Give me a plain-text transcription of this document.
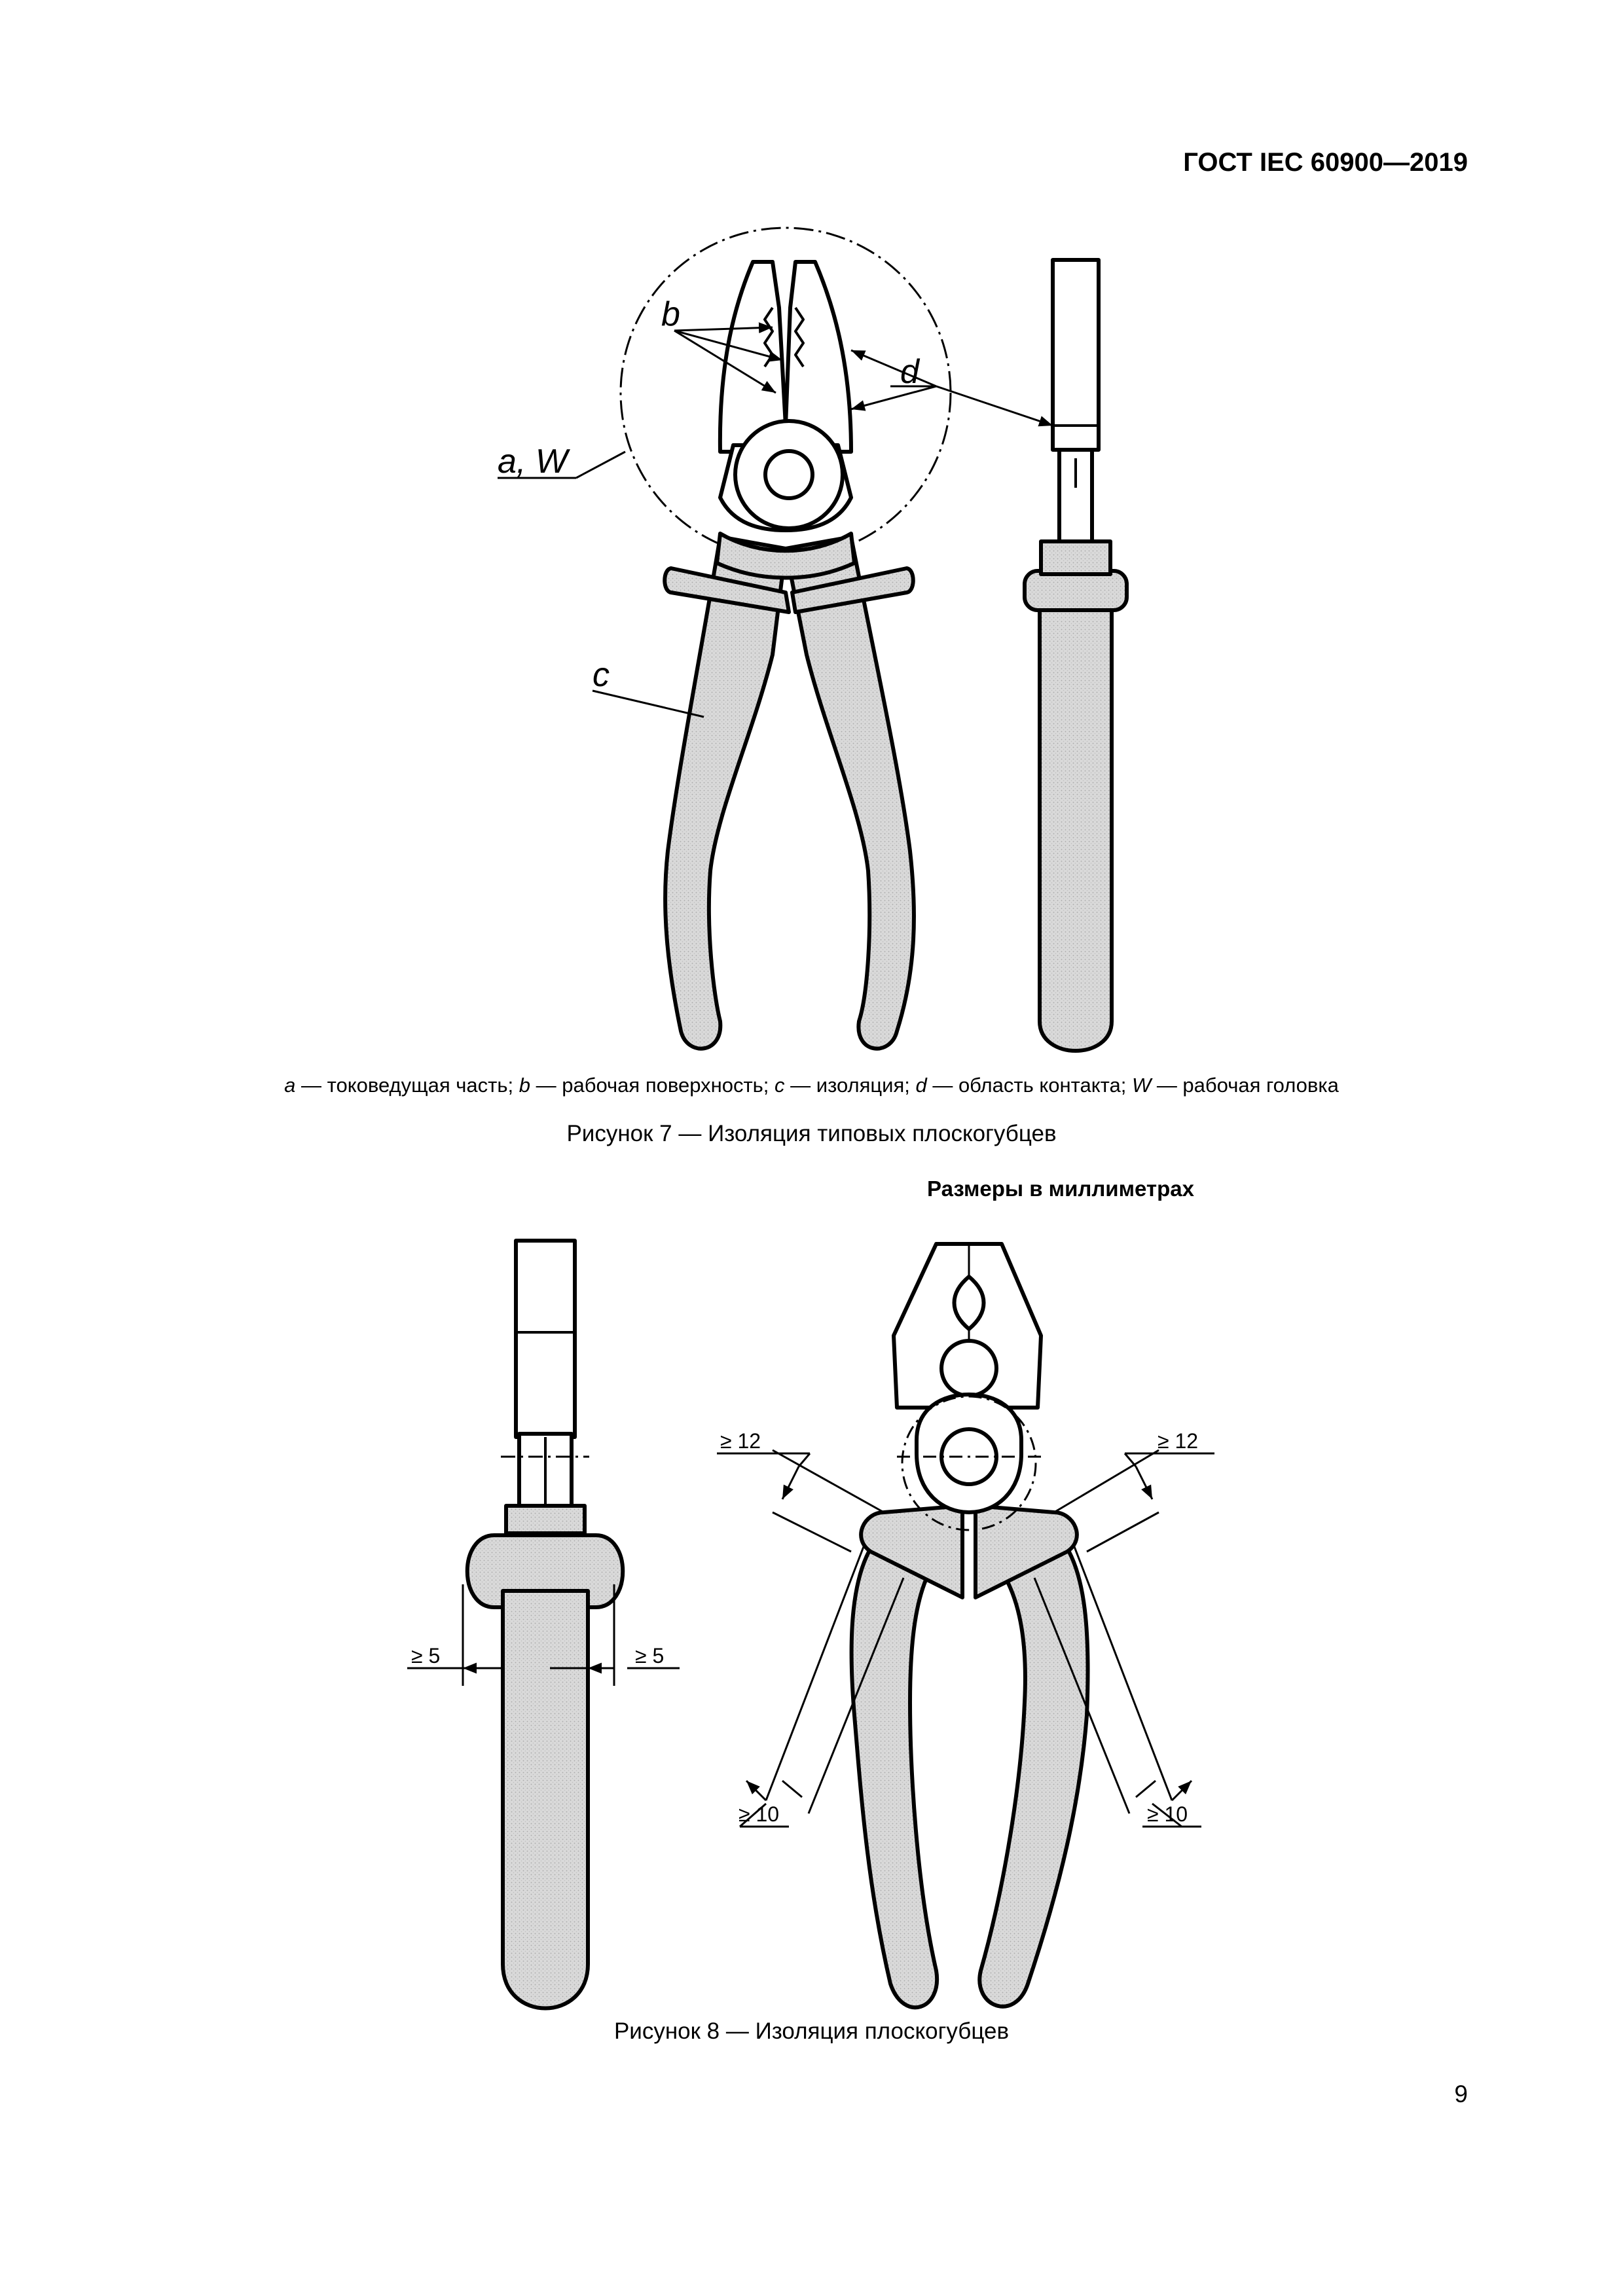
ГОСТ IEC 60900—2019
b
d
a, W
c
≥ 5	≥ 5
≥ 12	≥ 12
≥ 10	≥ 10
a — токоведущая часть; b — рабочая поверхность; c — изоляция; d — область контакта; W — рабочая головка
Рисунок 7 — Изоляция типовых плоскогубцев
Размеры в миллиметрах
Рисунок 8 — Изоляция плоскогубцев
9
